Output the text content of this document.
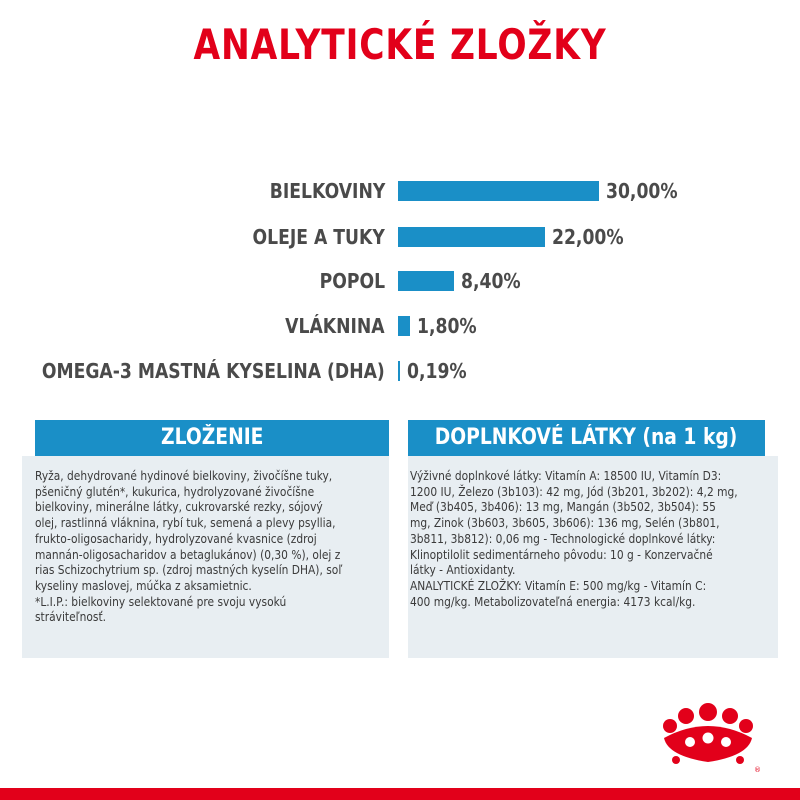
ANALYTICKÉ ZLOŽKY
BIELKOVINY	30,00%
OLEJE A TUKY	22,00%
POPOL	8,40%
VLÁKNINA 1,80%
OMEGA-3 MASTNÁ KYSELINA (DHA) 0,19%
ZLOŽENIE
Ryža, dehydrované hydinové bielkoviny, živočíšne tuky,
pšeničný glutén*, kukurica, hydrolyzované živočíšne
bielkoviny, minerálne látky, cukrovarské rezky, sójový
olej, rastlinná vláknina, rybí tuk, semená a plevy psyllia,
frukto-oligosacharidy, hydrolyzované kvasnice (zdroj
mannán-oligosacharidov a betaglukánov) (0,30 %), olej z
rias Schizochytrium sp. (zdroj mastných kyselín DHA), soľ
kyseliny maslovej, múčka z aksamietnic.
*L.I.P.: bielkoviny selektované pre svoju vysokú
stráviteľnosť.
DOPLNKOVÉ LÁTKY (na 1 kg)
Výživné doplnkové látky: Vitamín A: 18500 IU, Vitamín D3:
1200 IU, Železo (3b103): 42 mg, Jód (3b201, 3b202): 4,2 mg,
Meď (3b405, 3b406): 13 mg, Mangán (3b502, 3b504): 55
mg, Zinok (3b603, 3b605, 3b606): 136 mg, Selén (3b801,
3b811, 3b812): 0,06 mg - Technologické doplnkové látky:
Klinoptilolit sedimentárneho pôvodu: 10 g - Konzervačné
látky - Antioxidanty.
ANALYTICKÉ ZLOŽKY: Vitamín E: 500 mg/kg - Vitamín C:
400 mg/kg. Metabolizovateľná energia: 4173 kcal/kg.
®
